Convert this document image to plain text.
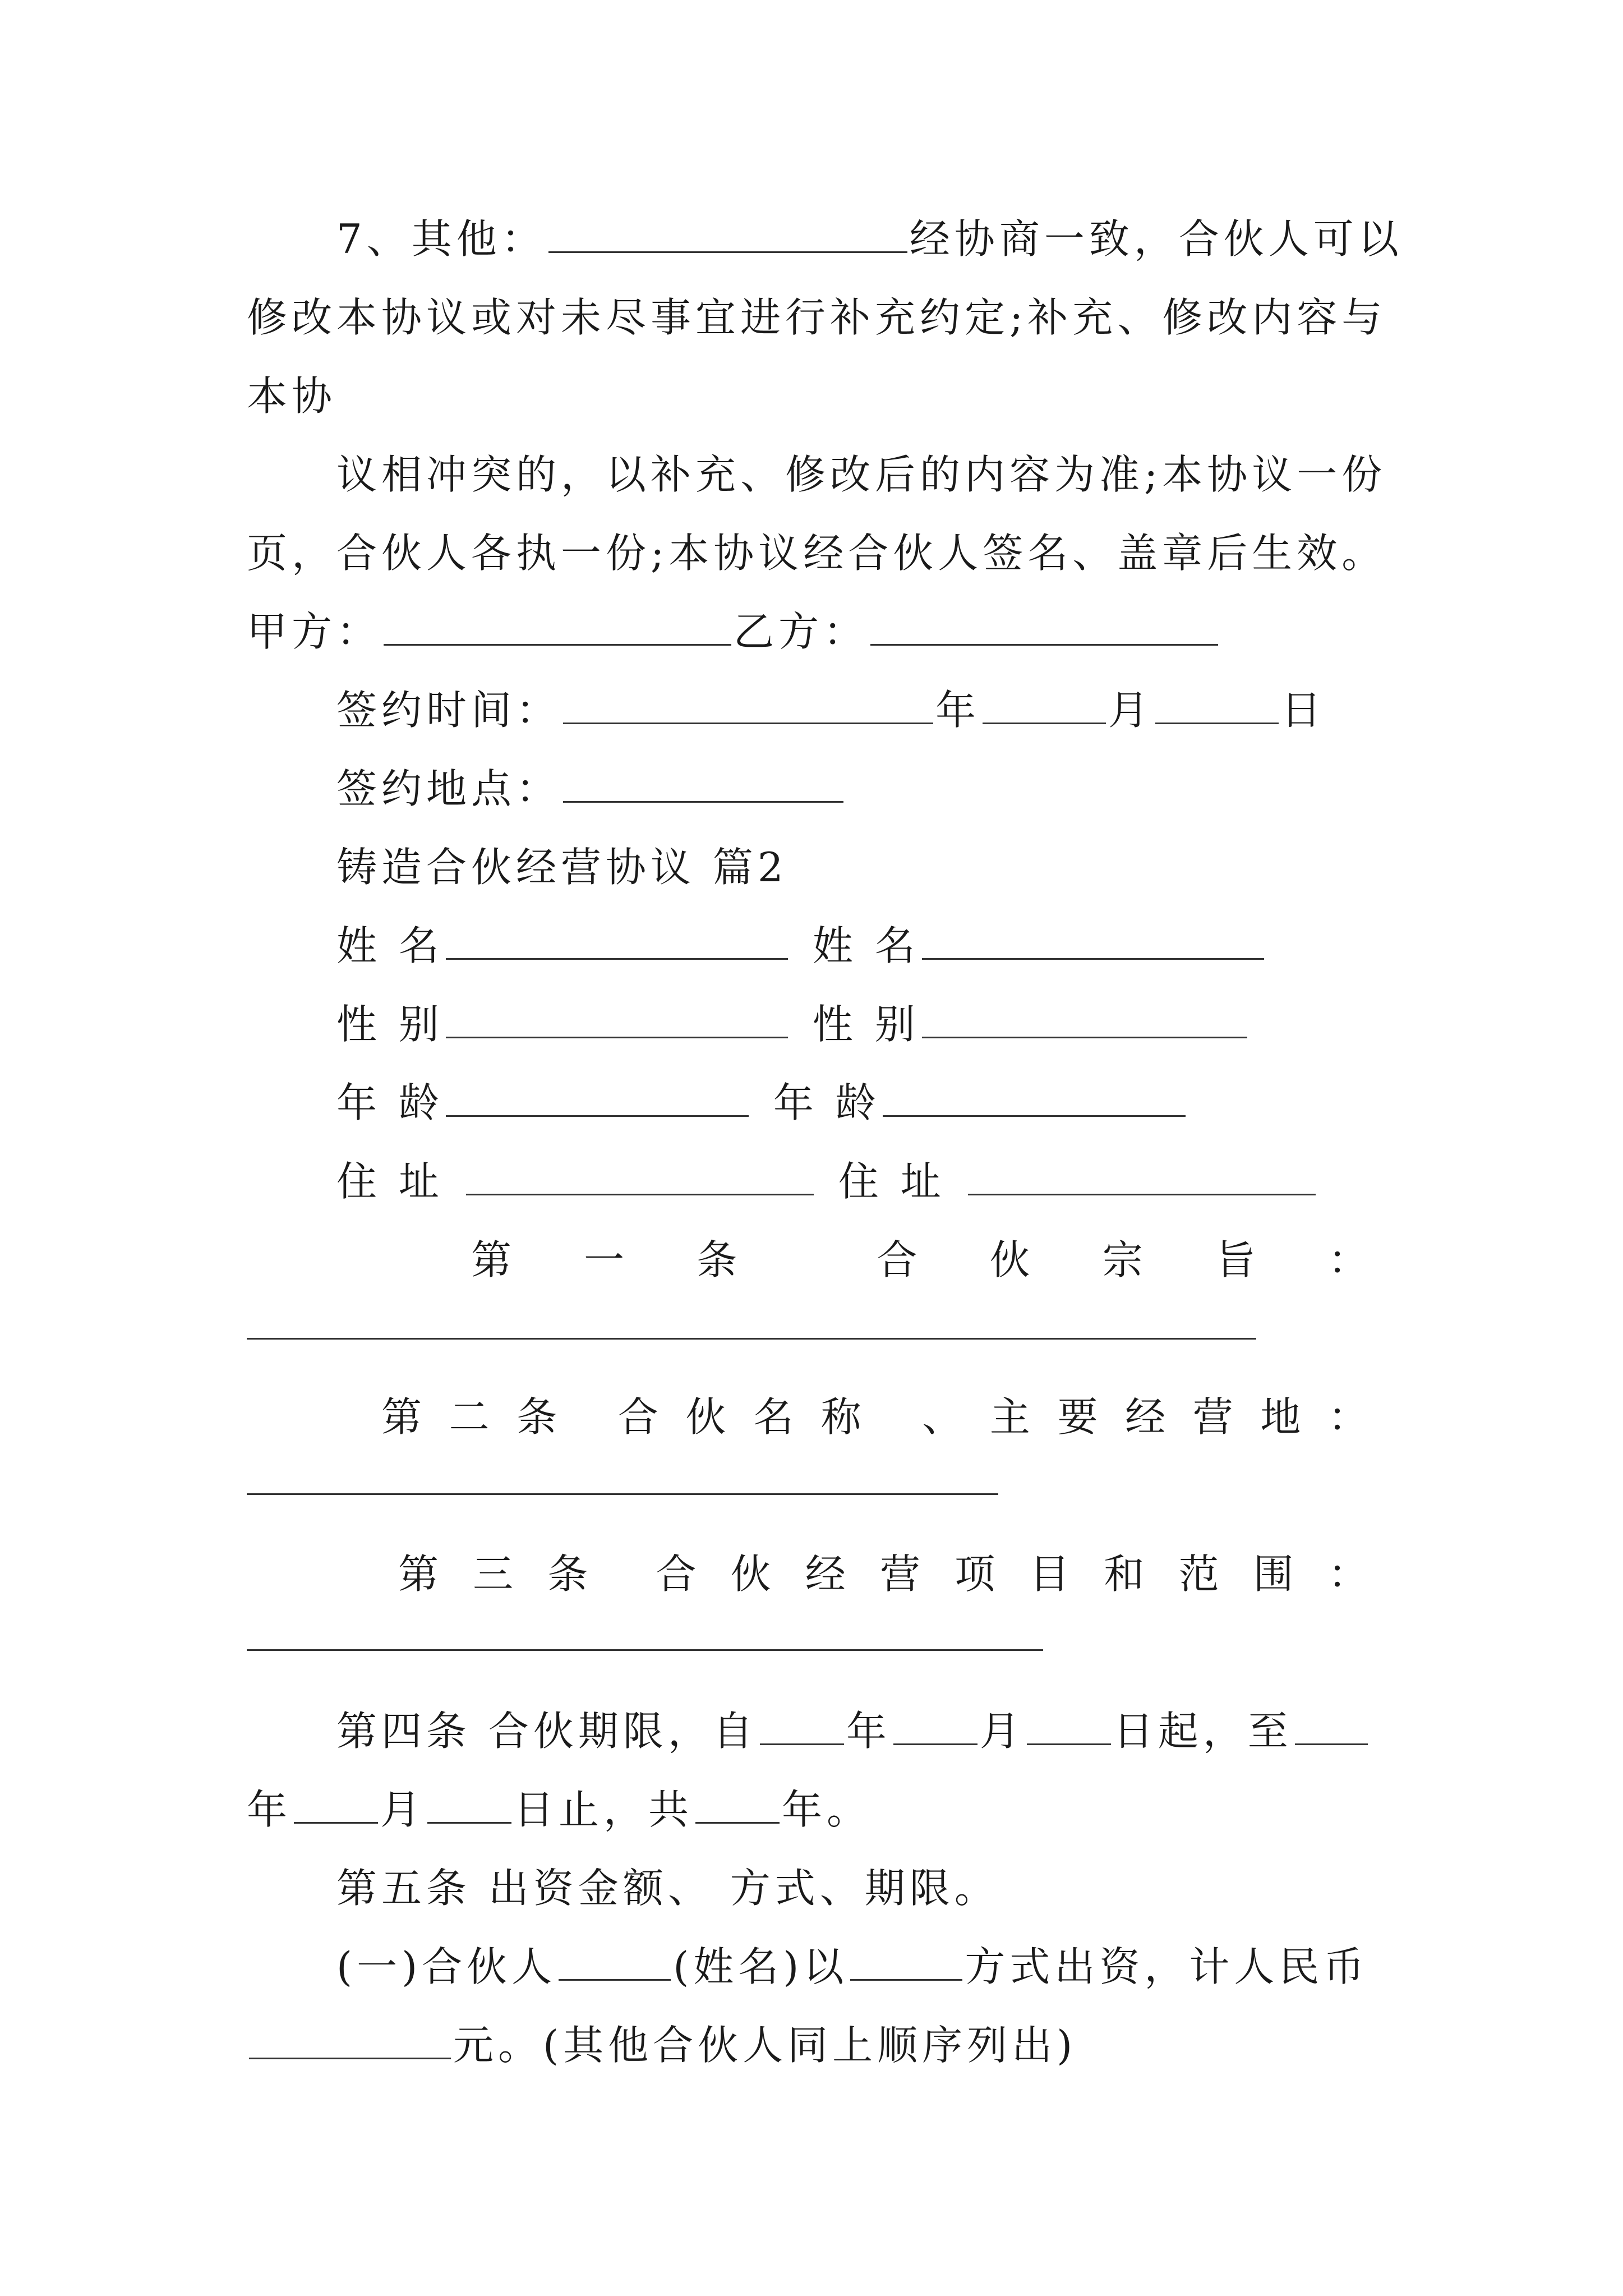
7、其他：	经协商一致，合伙人可以
修改本协议或对未尽事宜进行补充约定;补充、修改内容与
本协
议相冲突的，以补充、修改后的内容为准;本协议一份
页，合伙人各执一份;本协议经合伙人签名、盖章后生效。
甲方：	乙方：
签约时间：	年	月	日
签约地点：
铸造合伙经营协议 篇2
姓 名	姓 名
性 别	性 别
年 龄	年 龄
住 址	住 址
第 一 条	合 伙 宗 旨 ：
第 二 条 合 伙 名 称 、 主 要 经 营 地 ：
第 三 条 合 伙 经 营 项 目 和 范 围 ：
第四条 合伙期限，自 年 月 日起，至
年 月 日止，共 年。
第五条 出资金额、 方式、期限。
(一)合伙人	(姓名)以	方式出资，计人民币
元。(其他合伙人同上顺序列出)
